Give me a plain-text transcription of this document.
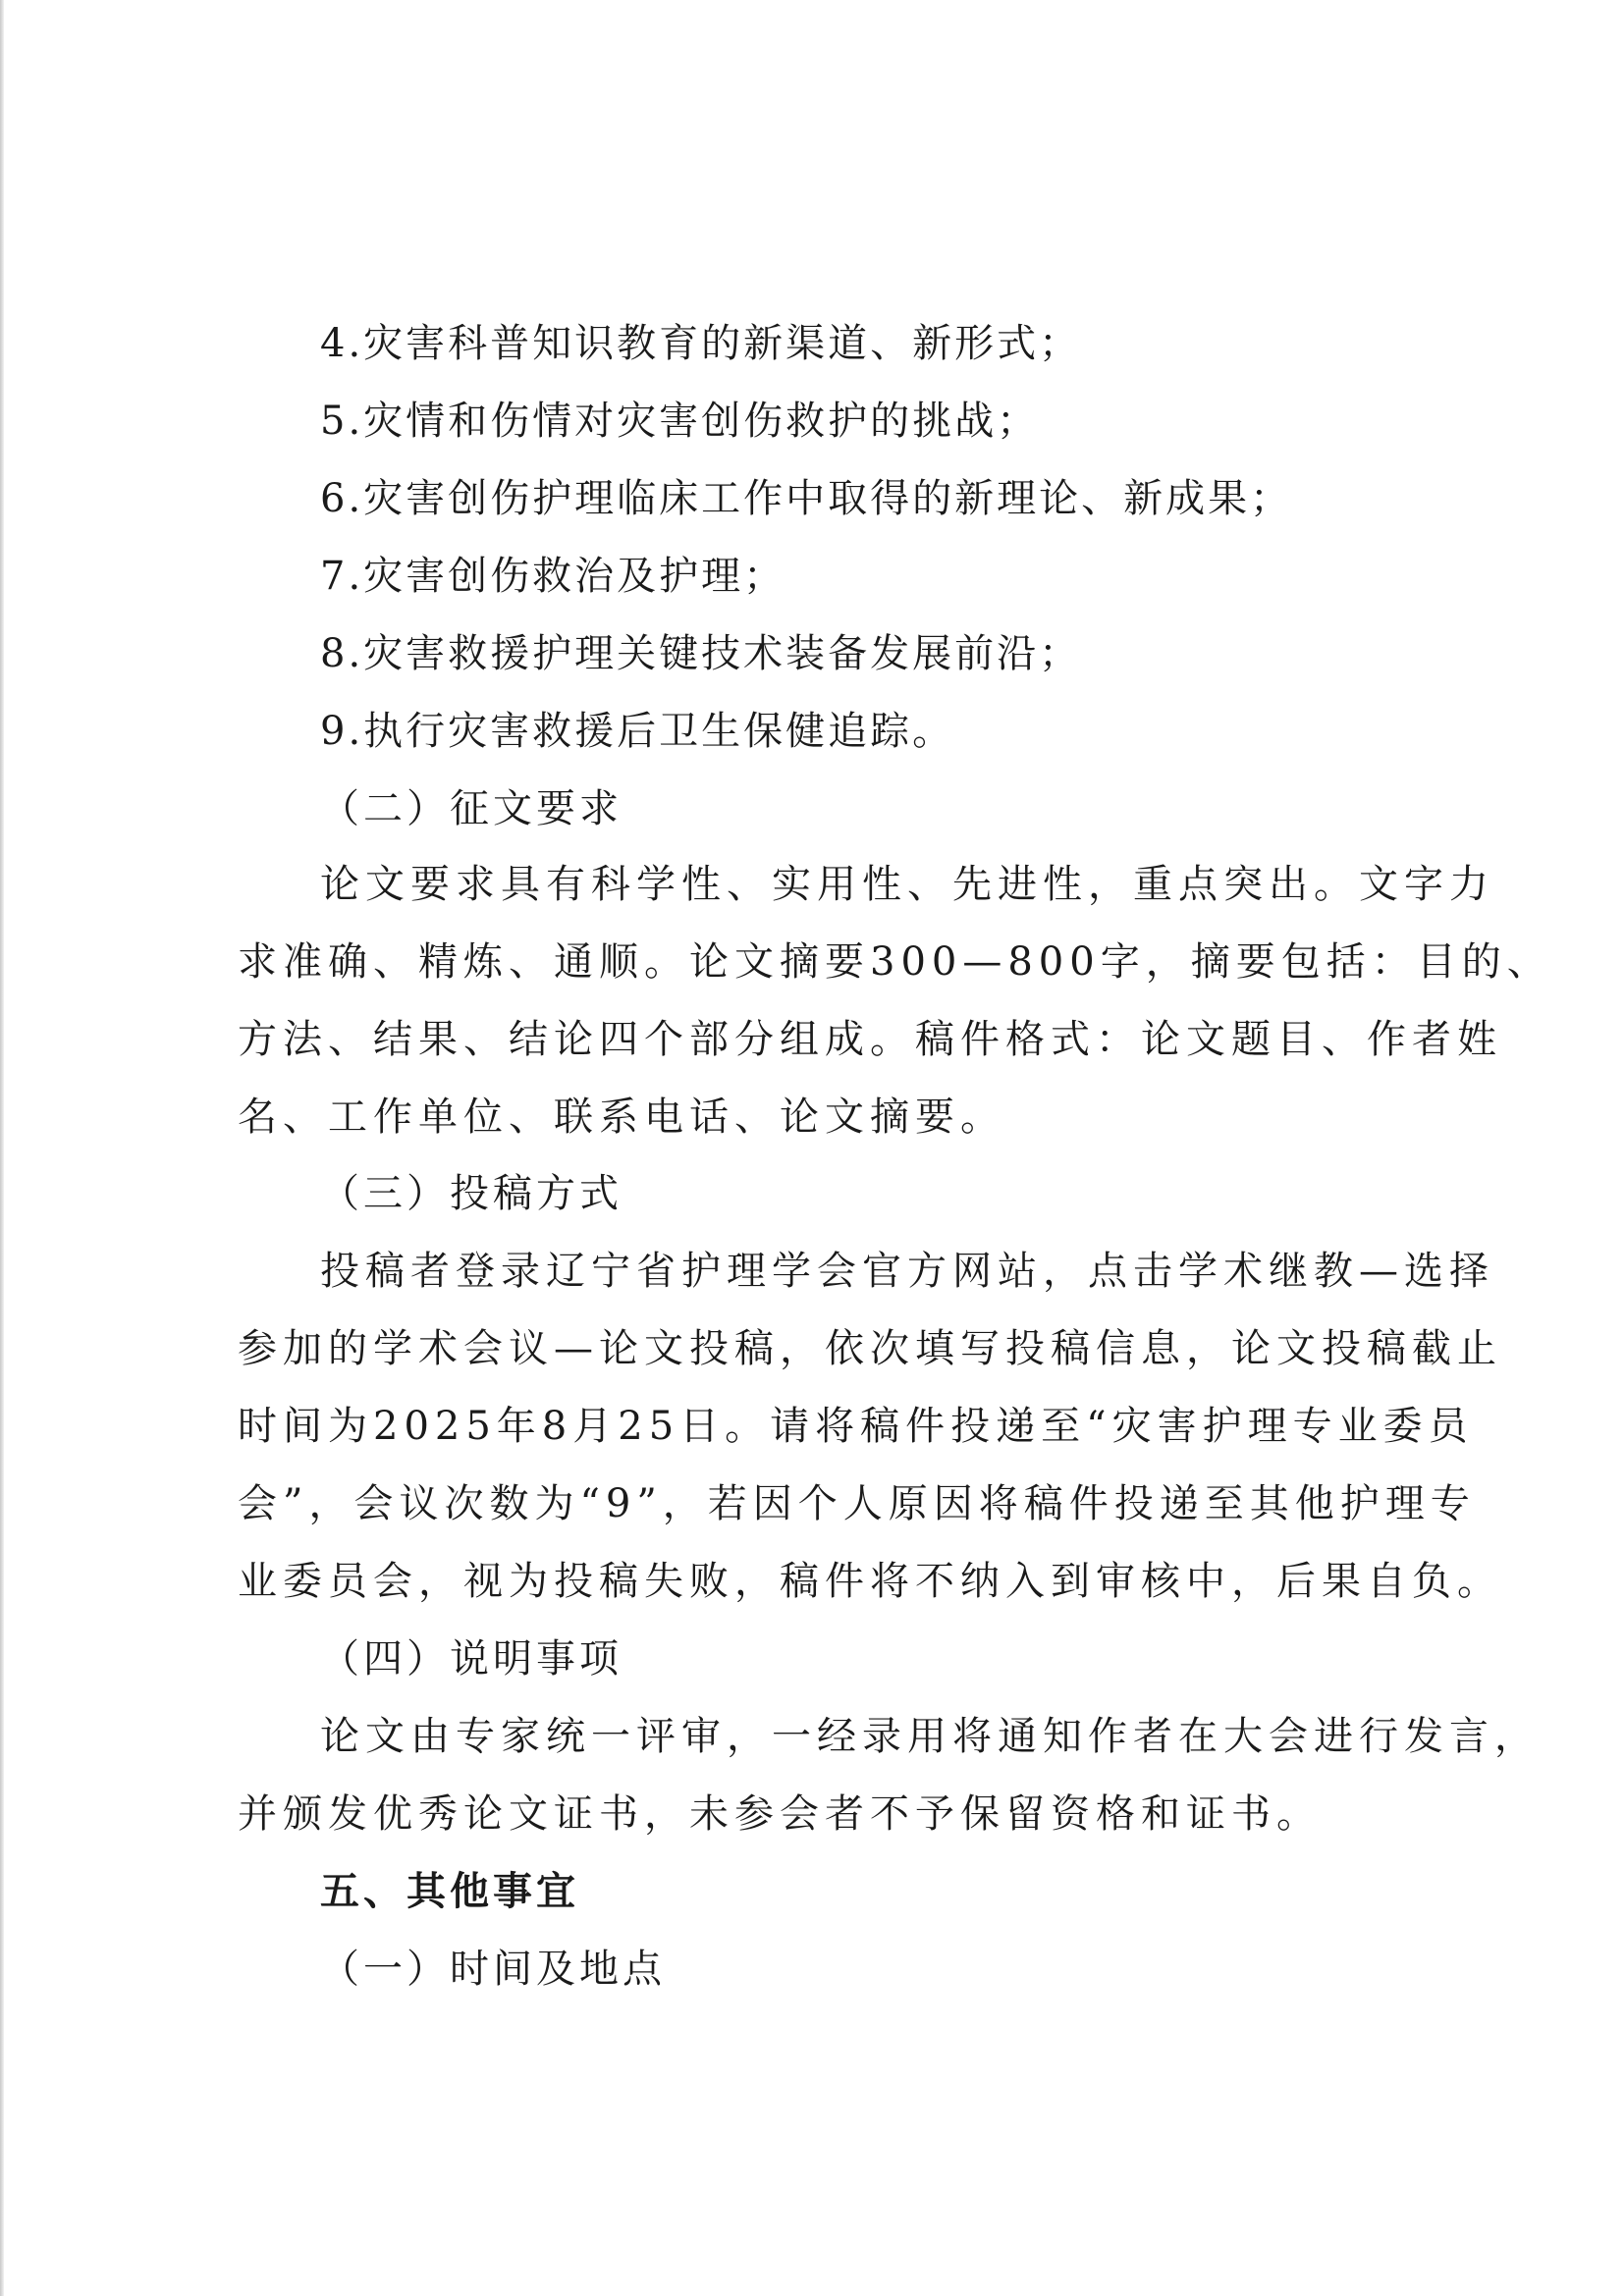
4.灾害科普知识教育的新渠道、新形式；
5.灾情和伤情对灾害创伤救护的挑战；
6.灾害创伤护理临床工作中取得的新理论、新成果；
7.灾害创伤救治及护理；
8.灾害救援护理关键技术装备发展前沿；
9.执行灾害救援后卫生保健追踪。
（二）征文要求
论文要求具有科学性、实用性、先进性，重点突出。文字力
求准确、精炼、通顺。论文摘要300—800字，摘要包括：目的、
方法、结果、结论四个部分组成。稿件格式：论文题目、作者姓
名、工作单位、联系电话、论文摘要。
（三）投稿方式
投稿者登录辽宁省护理学会官方网站，点击学术继教—选择
参加的学术会议—论文投稿，依次填写投稿信息，论文投稿截止
时间为2025年8月25日。请将稿件投递至“灾害护理专业委员
会”，会议次数为“9”，若因个人原因将稿件投递至其他护理专
业委员会，视为投稿失败，稿件将不纳入到审核中，后果自负。
（四）说明事项
论文由专家统一评审，一经录用将通知作者在大会进行发言，
并颁发优秀论文证书，未参会者不予保留资格和证书。
五、其他事宜
（一）时间及地点
